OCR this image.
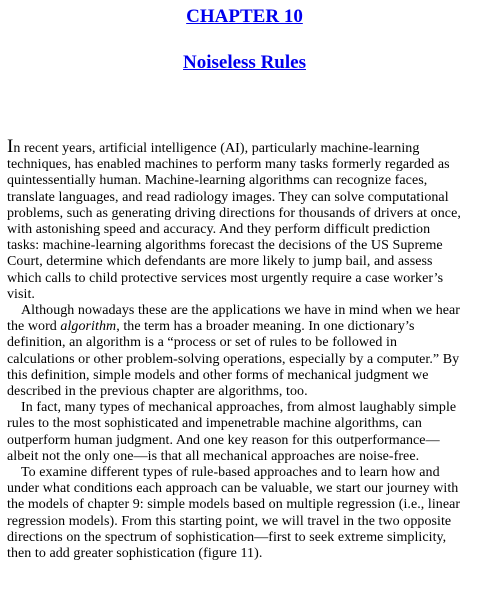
CHAPTER 10
Noiseless Rules

In recent years, artificial intelligence (AI), particularly machine-learning
techniques, has enabled machines to perform many tasks formerly regarded as
quintessentially human. Machine-learning algorithms can recognize faces,
translate languages, and read radiology images. They can solve computational
problems, such as generating driving directions for thousands of drivers at once,
with astonishing speed and accuracy. And they perform difficult prediction
tasks: machine-learning algorithms forecast the decisions of the US Supreme
Court, determine which defendants are more likely to jump bail, and assess
which calls to child protective services most urgently require a case worker’s
visit.

Although nowadays these are the applications we have in mind when we hear
the word algorithm, the term has a broader meaning. In one dictionary’s
definition, an algorithm is a “process or set of rules to be followed in
calculations or other problem-solving operations, especially by a computer.” By
this definition, simple models and other forms of mechanical judgment we
described in the previous chapter are algorithms, too.

In fact, many types of mechanical approaches, from almost laughably simple
rules to the most sophisticated and impenetrable machine algorithms, can
outperform human judgment. And one key reason for this outperformance—
albeit not the only one—is that all mechanical approaches are noise-free.

To examine different types of rule-based approaches and to learn how and
under what conditions each approach can be valuable, we start our journey with
the models of chapter 9: simple models based on multiple regression (i.e., linear
regression models). From this starting point, we will travel in the two opposite
directions on the spectrum of sophistication—first to seek extreme simplicity,
then to add greater sophistication (figure 11).
